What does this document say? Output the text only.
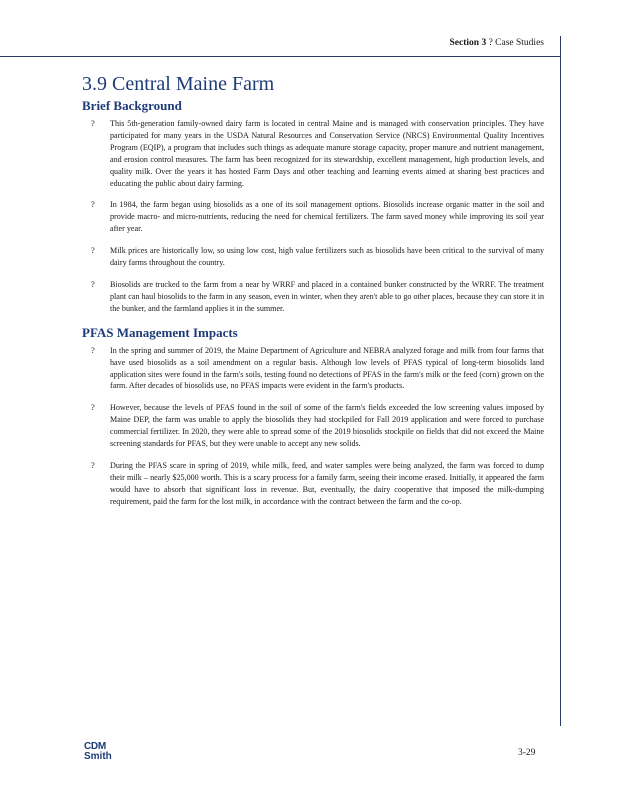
Section 3 ? Case Studies
3.9 Central Maine Farm
Brief Background
? This 5th-generation family-owned dairy farm is located in central Maine and is managed with conservation principles. They have participated for many years in the USDA Natural Resources and Conservation Service (NRCS) Environmental Quality Incentives Program (EQIP), a program that includes such things as adequate manure storage capacity, proper manure and nutrient management, and erosion control measures. The farm has been recognized for its stewardship, excellent management, high production levels, and quality milk. Over the years it has hosted Farm Days and other teaching and learning events aimed at sharing best practices and educating the public about dairy farming.
? In 1984, the farm began using biosolids as a one of its soil management options. Biosolids increase organic matter in the soil and provide macro- and micro-nutrients, reducing the need for chemical fertilizers. The farm saved money while improving its soil year after year.
? Milk prices are historically low, so using low cost, high value fertilizers such as biosolids have been critical to the survival of many dairy farms throughout the country.
? Biosolids are trucked to the farm from a near by WRRF and placed in a contained bunker constructed by the WRRF. The treatment plant can haul biosolids to the farm in any season, even in winter, when they aren't able to go other places, because they can store it in the bunker, and the farmland applies it in the summer.
PFAS Management Impacts
? In the spring and summer of 2019, the Maine Department of Agriculture and NEBRA analyzed forage and milk from four farms that have used biosolids as a soil amendment on a regular basis. Although low levels of PFAS typical of long-term biosolids land application sites were found in the farm's soils, testing found no detections of PFAS in the farm's milk or the feed (corn) grown on the farm. After decades of biosolids use, no PFAS impacts were evident in the farm's products.
? However, because the levels of PFAS found in the soil of some of the farm's fields exceeded the low screening values imposed by Maine DEP, the farm was unable to apply the biosolids they had stockpiled for Fall 2019 application and were forced to purchase commercial fertilizer. In 2020, they were able to spread some of the 2019 biosolids stockpile on fields that did not exceed the Maine screening standards for PFAS, but they were unable to accept any new solids.
? During the PFAS scare in spring of 2019, while milk, feed, and water samples were being analyzed, the farm was forced to dump their milk – nearly $25,000 worth. This is a scary process for a family farm, seeing their income erased. Initially, it appeared the farm would have to absorb that significant loss in revenue. But, eventually, the dairy cooperative that imposed the milk-dumping requirement, paid the farm for the lost milk, in accordance with the contract between the farm and the co-op.
CDM
Smith	3-29
